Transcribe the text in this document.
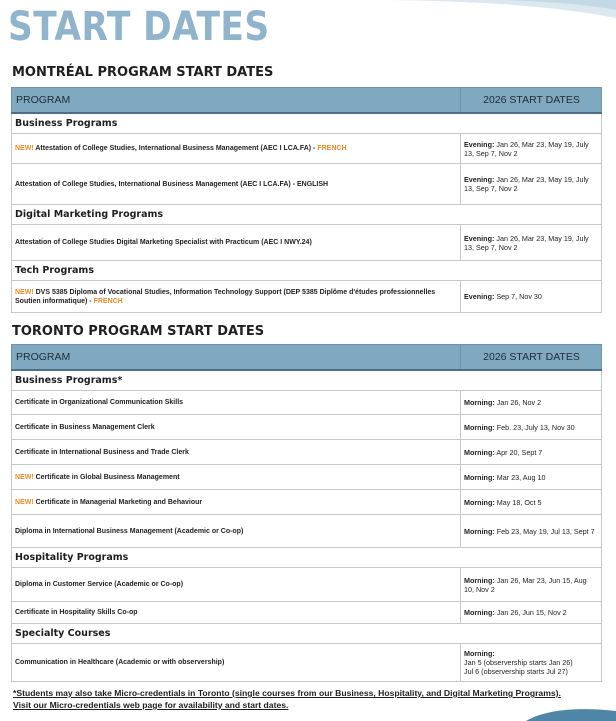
START DATES
MONTRÉAL PROGRAM START DATES
PROGRAM	2026 START DATES
Business Programs	
NEW! Attestation of College Studies, International Business Management (AEC I LCA.FA) - FRENCH	Evening: Jan 26, Mar 23, May 19, July 13, Sep 7, Nov 2
Attestation of College Studies, International Business Management (AEC I LCA.FA) - ENGLISH	Evening: Jan 26, Mar 23, May 19, July 13, Sep 7, Nov 2
Digital Marketing Programs	
Attestation of College Studies Digital Marketing Specialist with Practicum (AEC I NWY.24)	Evening: Jan 26, Mar 23, May 19, July 13, Sep 7, Nov 2
Tech Programs	
NEW! DVS 5385 Diploma of Vocational Studies, Information Technology Support (DEP 5385 Diplôme d'études professionnelles Soutien informatique) - FRENCH	Evening: Sep 7, Nov 30
TORONTO PROGRAM START DATES
PROGRAM	2026 START DATES
Business Programs*	
Certificate in Organizational Communication Skills	Morning: Jan 26, Nov 2
Certificate in Business Management Clerk	Morning: Feb. 23, July 13, Nov 30
Certificate in International Business and Trade Clerk	Morning: Apr 20, Sept 7
NEW! Certificate in Global Business Management	Morning: Mar 23, Aug 10
NEW! Certificate in Managerial Marketing and Behaviour	Morning: May 18, Oct 5
Diploma in International Business Management (Academic or Co-op)	Morning: Feb 23, May 19, Jul 13, Sept 7
Hospitality Programs	
Diploma in Customer Service (Academic or Co-op)	Morning: Jan 26, Mar 23, Jun 15, Aug 10, Nov 2
Certificate in Hospitality Skills Co-op	Morning: Jan 26, Jun 15, Nov 2
Specialty Courses	
Communication in Healthcare (Academic or with observership)	Morning:
Jan 5 (observership starts Jan 26)
Jul 6 (observership starts Jul 27)
*Students may also take Micro-credentials in Toronto (single courses from our Business, Hospitality, and Digital Marketing Programs).
Visit our Micro-credentials web page for availability and start dates.
